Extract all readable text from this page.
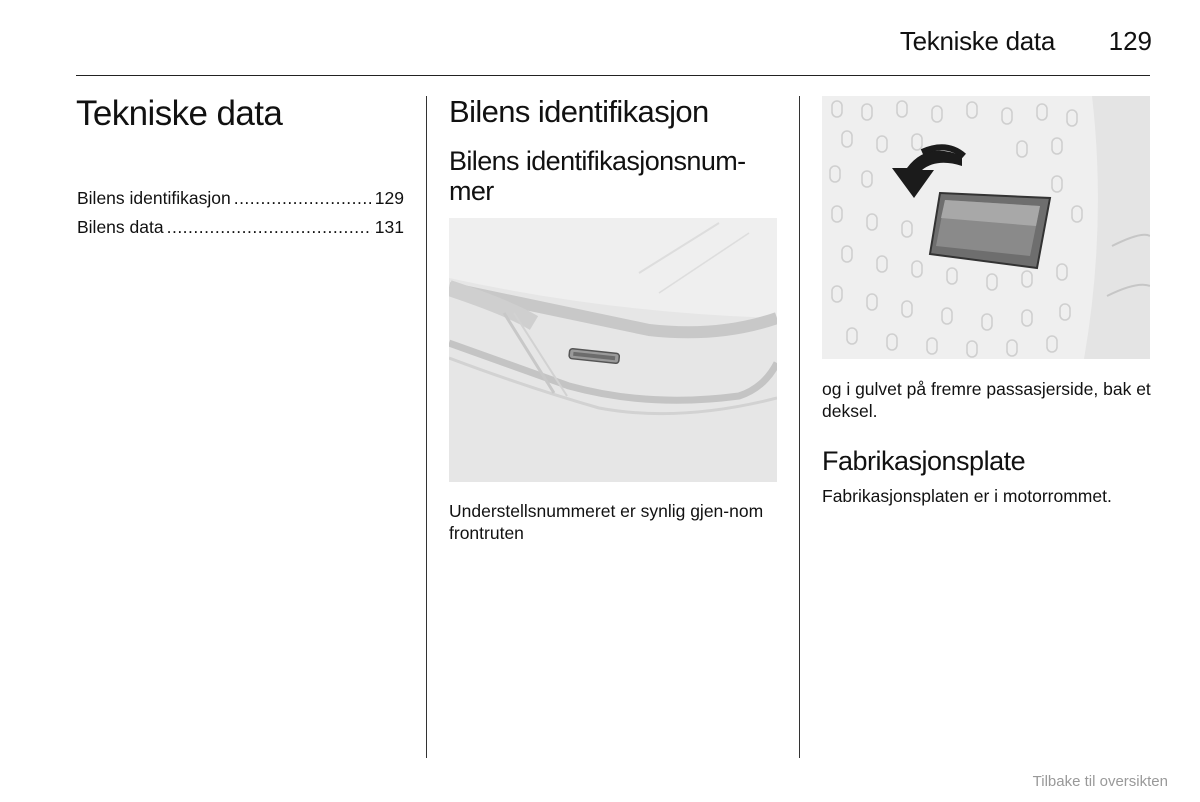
Tekniske data	129
Tekniske data
Bilens identifikasjon .....	129
Bilens data .....	131
Bilens identifikasjon
Bilens identifikasjonsnum-mer

Understellsnummeret er synlig gjen-nom frontruten

og i gulvet på fremre passasjerside, bak et deksel.

Fabrikasjonsplate

Fabrikasjonsplaten er i motorrommet.

Tilbake til oversikten
